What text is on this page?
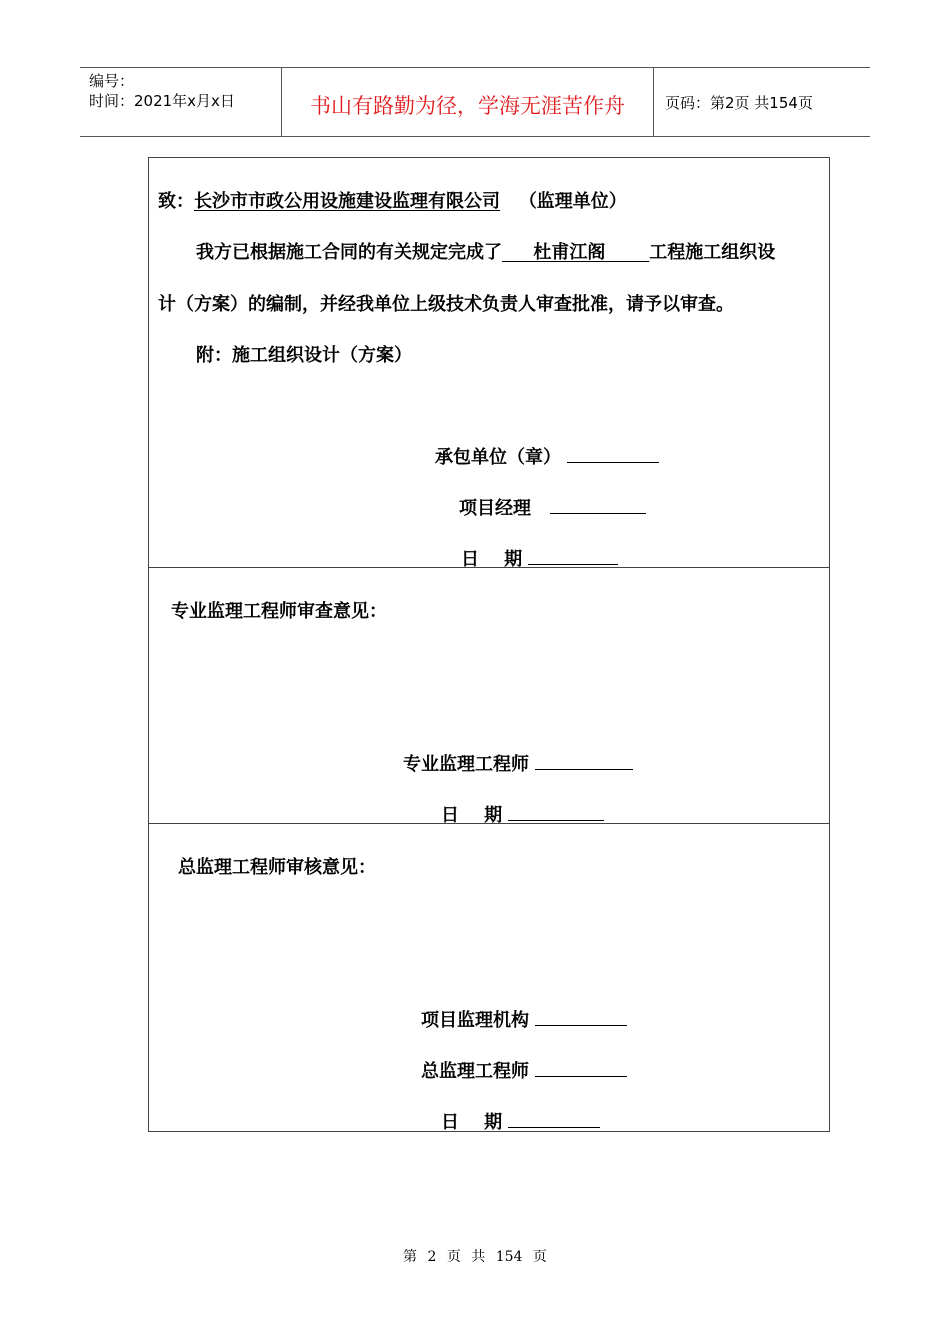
编号：
时间：2021年x月x日	书山有路勤为径，学海无涯苦作舟	页码：第2页 共154页
致：长沙市市政公用设施建设监理有限公司 （监理单位）
我方已根据施工合同的有关规定完成了 杜甫江阁 工程施工组织设
计（方案）的编制，并经我单位上级技术负责人审查批准，请予以审查。
附：施工组织设计（方案）
承包单位（章）
项目经理
日    期
专业监理工程师审查意见：
专业监理工程师
日    期
总监理工程师审核意见：
项目监理机构
总监理工程师
日    期
第 2 页 共 154 页
